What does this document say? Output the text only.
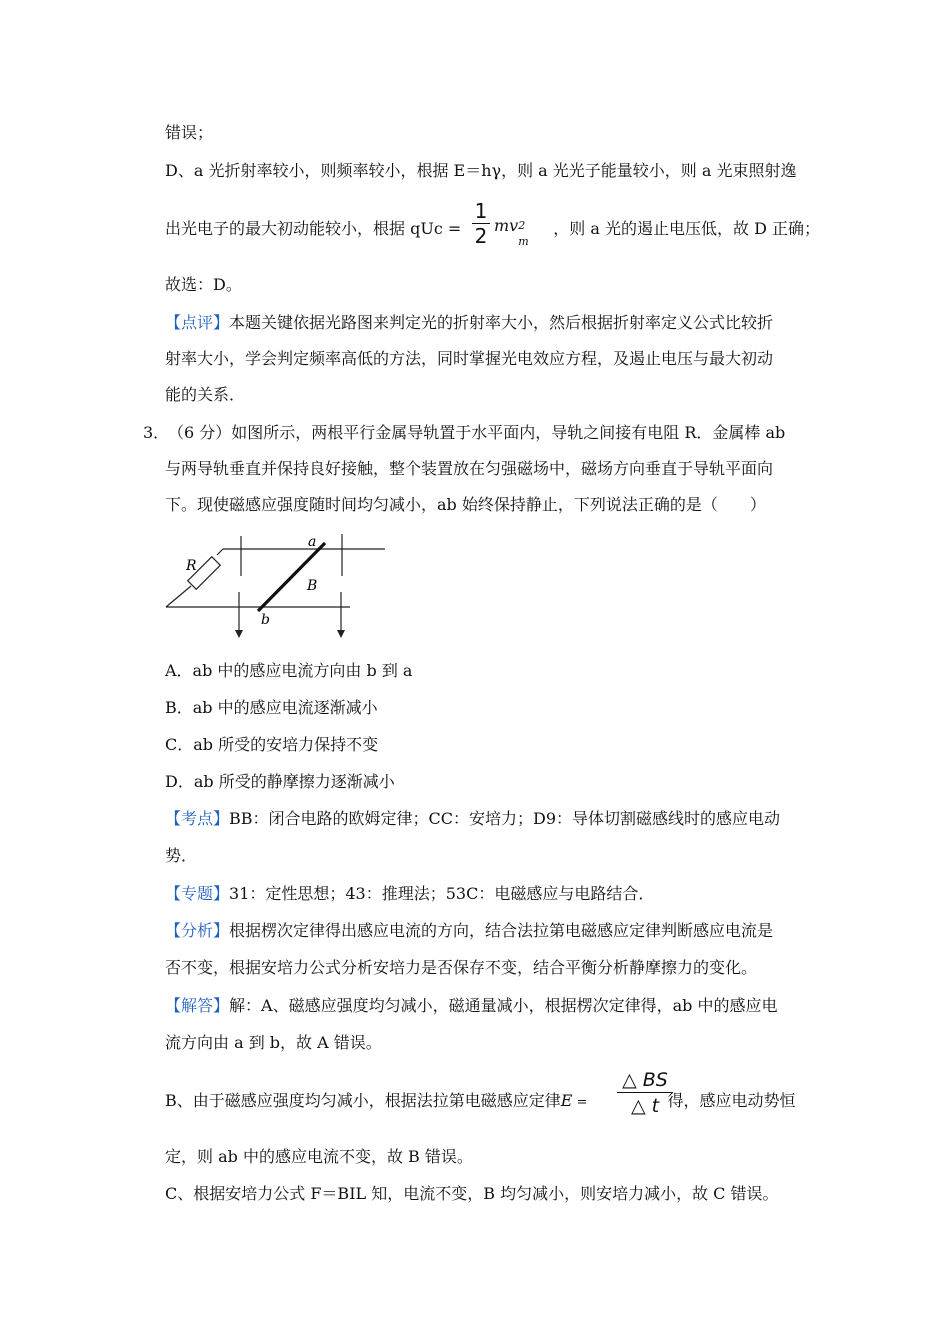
错误；
D、a 光折射率较小，则频率较小，根据 E＝hγ，则 a 光光子能量较小，则 a 光束照射逸
出光电子的最大初动能较小，根据 qUc =	，则 a 光的遏止电压低，故 D 正确；
1
2 mv 2
m
故选：D。
【点评】本题关键依据光路图来判定光的折射率大小，然后根据折射率定义公式比较折
射率大小，学会判定频率高低的方法，同时掌握光电效应方程，及遏止电压与最大初动
能的关系．
3．
（6 分）如图所示，两根平行金属导轨置于水平面内，导轨之间接有电阻 R．金属棒 ab
与两导轨垂直并保持良好接触，整个装置放在匀强磁场中，磁场方向垂直于导轨平面向
下。现使磁感应强度随时间均匀减小，ab 始终保持静止，下列说法正确的是（　　）
R
a
B
b
A．ab 中的感应电流方向由 b 到 a
B．ab 中的感应电流逐渐减小
C．ab 所受的安培力保持不变
D．ab 所受的静摩擦力逐渐减小
【考点】BB：闭合电路的欧姆定律；CC：安培力；D9：导体切割磁感线时的感应电动
势．
【专题】31：定性思想；43：推理法；53C：电磁感应与电路结合．
【分析】根据楞次定律得出感应电流的方向，结合法拉第电磁感应定律判断感应电流是
否不变，根据安培力公式分析安培力是否保存不变，结合平衡分析静摩擦力的变化。
【解答】解：A、磁感应强度均匀减小，磁通量减小，根据楞次定律得，ab 中的感应电
流方向由 a 到 b，故 A 错误。
B、由于磁感应强度均匀减小，根据法拉第电磁感应定律E =	得，感应电动势恒
△ BS
△ t
定，则 ab 中的感应电流不变，故 B 错误。
C、根据安培力公式 F＝BIL 知，电流不变，B 均匀减小，则安培力减小，故 C 错误。
